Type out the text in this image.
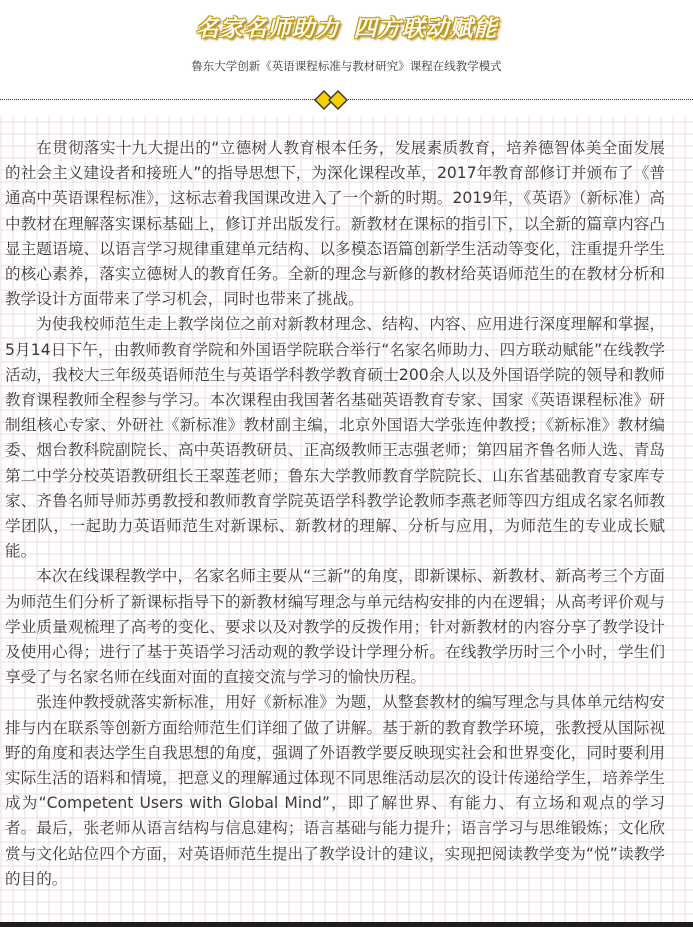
名家名师助力 四方联动赋能
鲁东大学创新《英语课程标准与教材研究》课程在线教学模式

在贯彻落实十九大提出的“立德树人教育根本任务，发展素质教育，培养德智体美全面发展的社会主义建设者和接班人”的指导思想下，为深化课程改革，2017年教育部修订并颁布了《普通高中英语课程标准》，这标志着我国课改进入了一个新的时期。2019年，《英语》（新标准）高中教材在理解落实课标基础上，修订并出版发行。新教材在课标的指引下，以全新的篇章内容凸显主题语境、以语言学习规律重建单元结构、以多模态语篇创新学生活动等变化，注重提升学生的核心素养，落实立德树人的教育任务。全新的理念与新修的教材给英语师范生的在教材分析和教学设计方面带来了学习机会，同时也带来了挑战。

为使我校师范生走上教学岗位之前对新教材理念、结构、内容、应用进行深度理解和掌握，5月14日下午，由教师教育学院和外国语学院联合举行“名家名师助力、四方联动赋能”在线教学活动，我校大三年级英语师范生与英语学科教学教育硕士200余人以及外国语学院的领导和教师教育课程教师全程参与学习。本次课程由我国著名基础英语教育专家、国家《英语课程标准》研制组核心专家、外研社《新标准》教材副主编，北京外国语大学张连仲教授；《新标准》教材编委、烟台教科院副院长、高中英语教研员、正高级教师王志强老师；第四届齐鲁名师人选、青岛第二中学分校英语教研组长王翠莲老师；鲁东大学教师教育学院院长、山东省基础教育专家库专家、齐鲁名师导师苏勇教授和教师教育学院英语学科教学论教师李燕老师等四方组成名家名师教学团队，一起助力英语师范生对新课标、新教材的理解、分析与应用，为师范生的专业成长赋能。

本次在线课程教学中，名家名师主要从“三新”的角度，即新课标、新教材、新高考三个方面为师范生们分析了新课标指导下的新教材编写理念与单元结构安排的内在逻辑；从高考评价观与学业质量观梳理了高考的变化、要求以及对教学的反拨作用；针对新教材的内容分享了教学设计及使用心得；进行了基于英语学习活动观的教学设计学理分析。在线教学历时三个小时，学生们享受了与名家名师在线面对面的直接交流与学习的愉快历程。

张连仲教授就落实新标准，用好《新标准》为题，从整套教材的编写理念与具体单元结构安排与内在联系等创新方面给师范生们详细了做了讲解。基于新的教育教学环境，张教授从国际视野的角度和表达学生自我思想的角度，强调了外语教学要反映现实社会和世界变化，同时要利用实际生活的语料和情境，把意义的理解通过体现不同思维活动层次的设计传递给学生，培养学生成为“Competent Users with Global Mind”，即了解世界、有能力、有立场和观点的学习者。最后，张老师从语言结构与信息建构；语言基础与能力提升；语言学习与思维锻炼；文化欣赏与文化站位四个方面，对英语师范生提出了教学设计的建议，实现把阅读教学变为“悦”读教学的目的。
